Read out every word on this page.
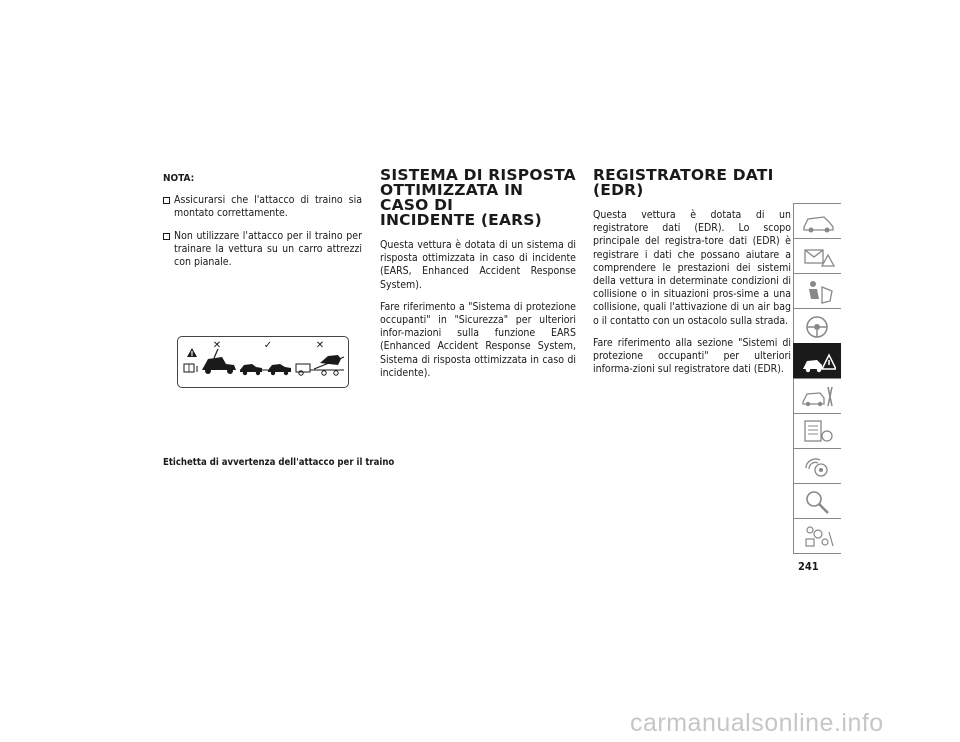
NOTA:
Assicurarsi che l'attacco di traino sia montato correttamente.
Non utilizzare l'attacco per il traino per trainare la vettura su un carro attrezzi con pianale.
!
✕	✓	✕
Etichetta di avvertenza dell'attacco per il traino
SISTEMA DI RISPOSTA
OTTIMIZZATA IN CASO DI
INCIDENTE (EARS)

Questa vettura è dotata di un sistema di risposta ottimizzata in caso di incidente (EARS, Enhanced Accident Response System).

Fare riferimento a "Sistema di protezione occupanti" in "Sicurezza" per ulteriori infor-mazioni sulla funzione EARS (Enhanced Accident Response System, Sistema di risposta ottimizzata in caso di incidente).

REGISTRATORE DATI (EDR)

Questa vettura è dotata di un registratore dati (EDR). Lo scopo principale del registra-tore dati (EDR) è registrare i dati che possano aiutare a comprendere le prestazioni dei sistemi della vettura in determinate condizioni di collisione o in situazioni pros-sime a una collisione, quali l'attivazione di un air bag o il contatto con un ostacolo sulla strada.

Fare riferimento alla sezione "Sistemi di protezione occupanti" per ulteriori informa-zioni sul registratore dati (EDR).

241
carmanualsonline.info
